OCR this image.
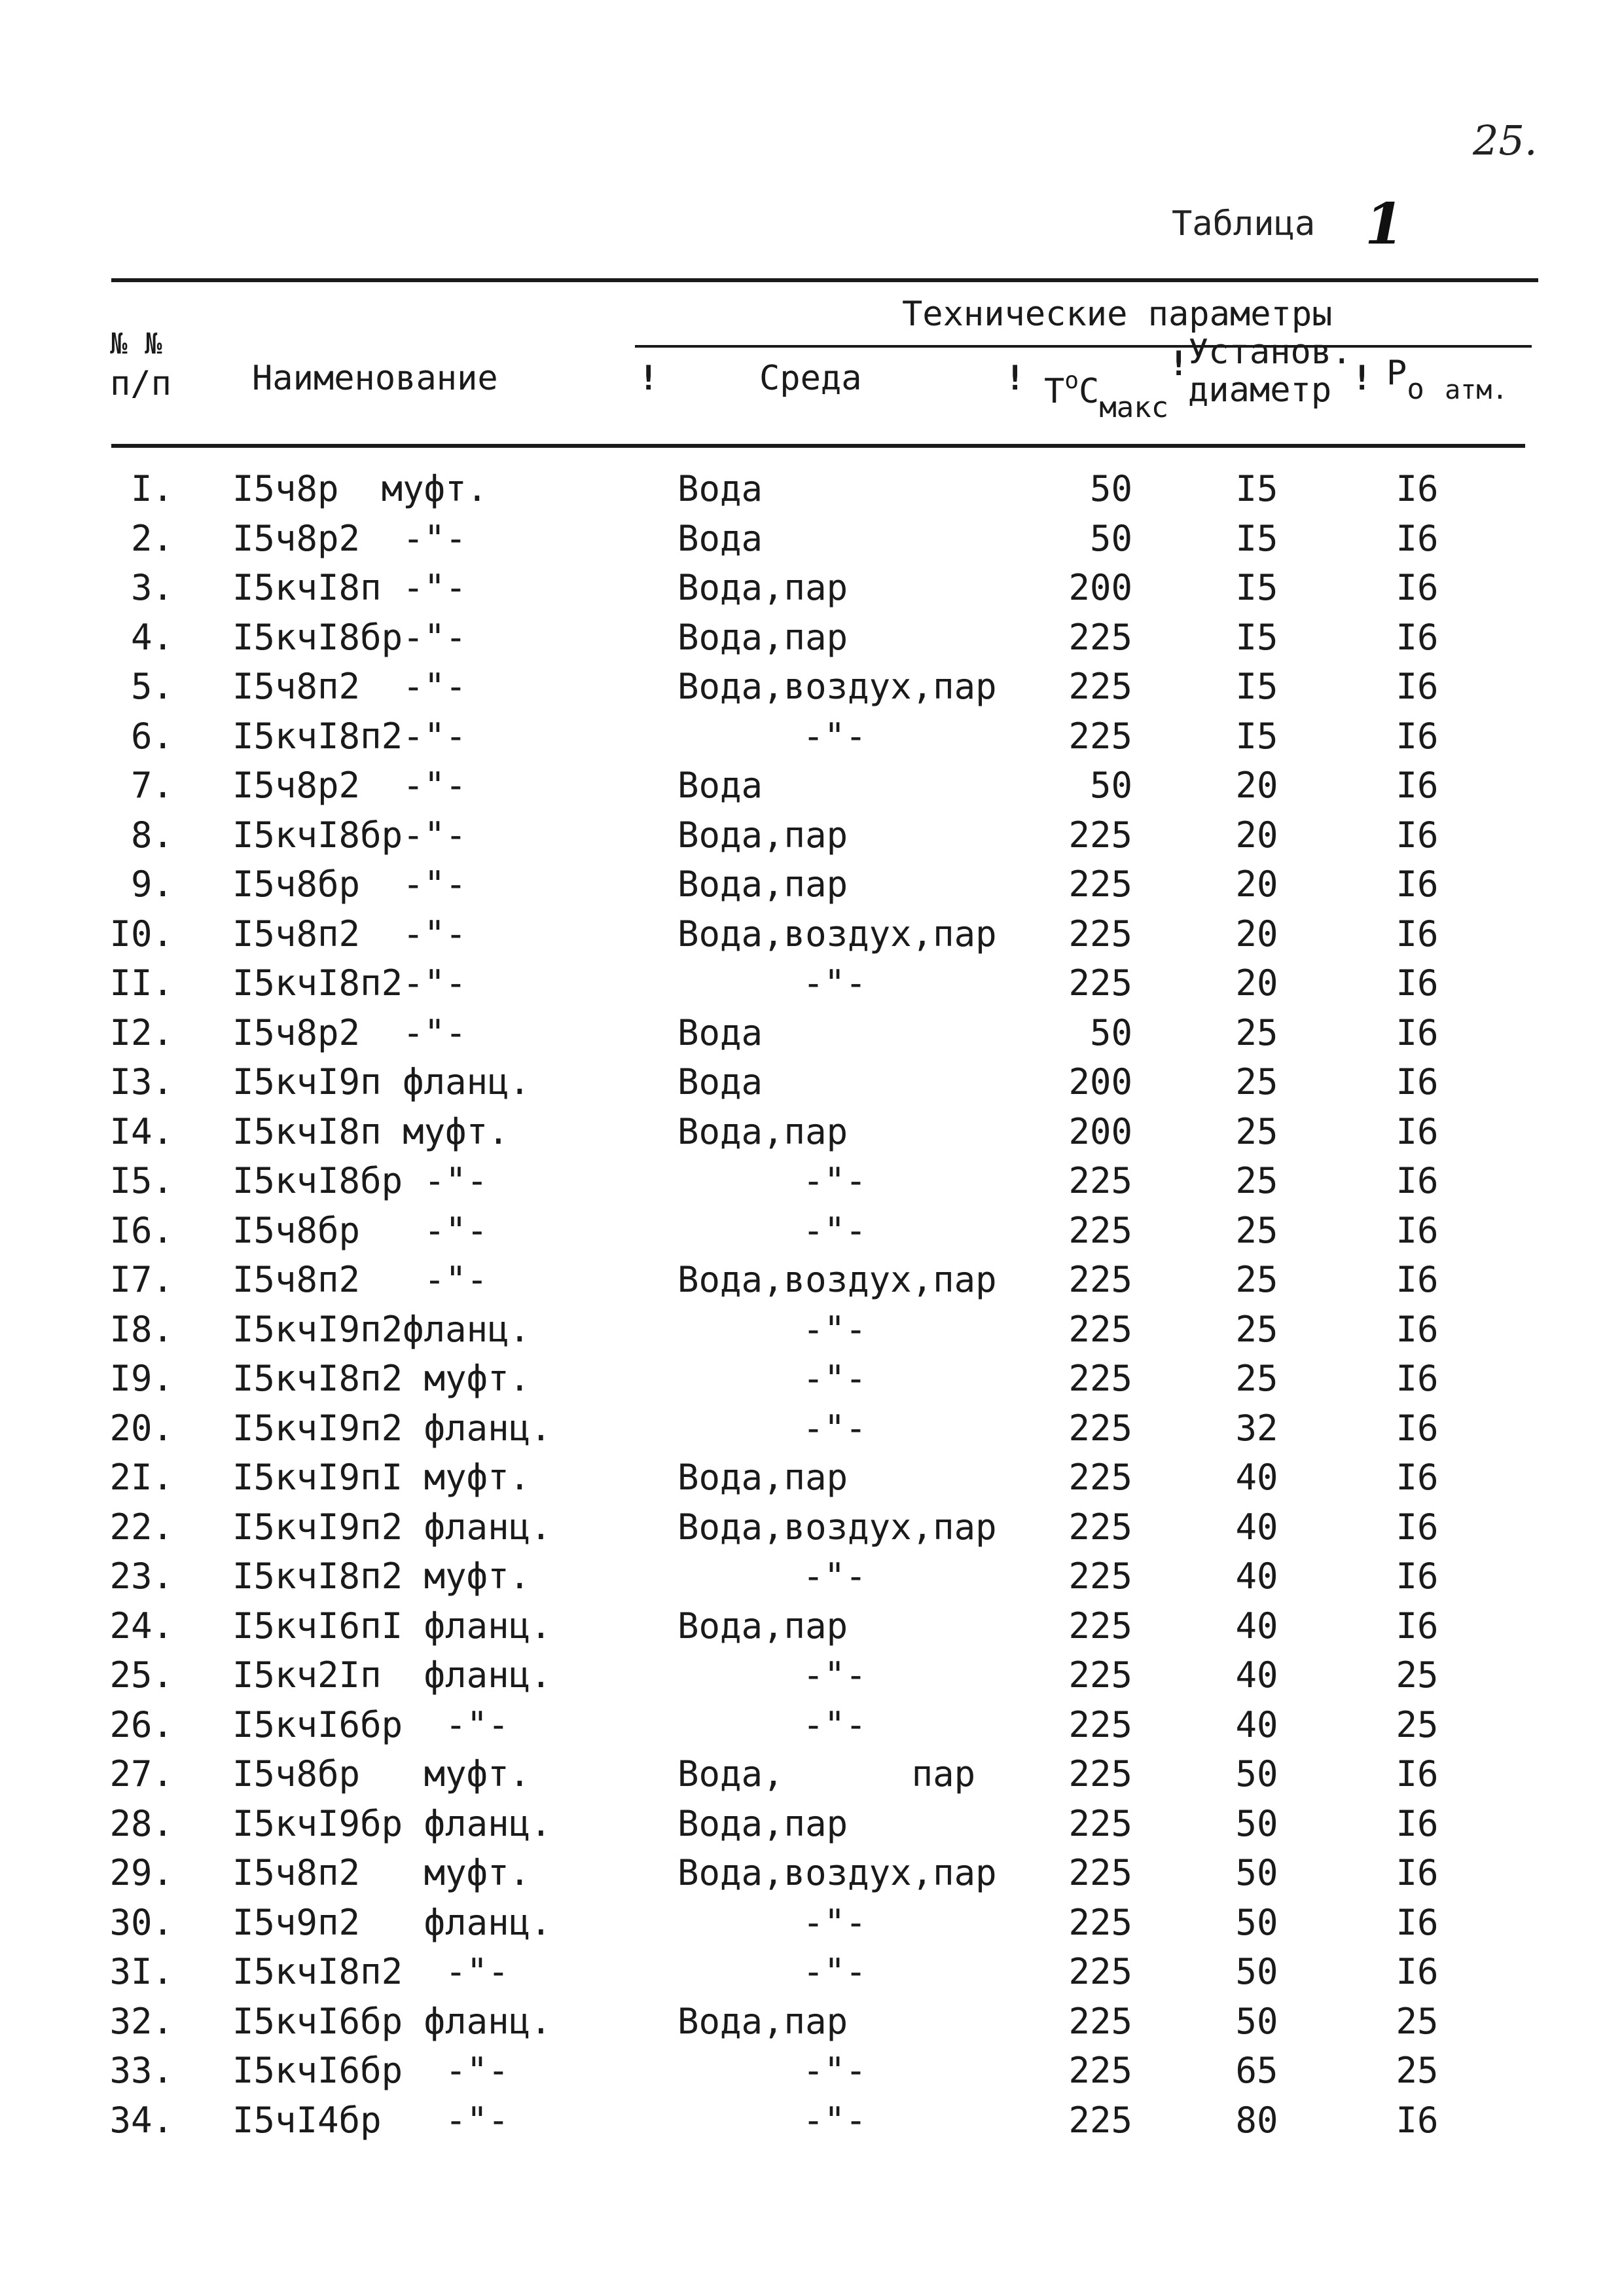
25.
Таблица 1
№ №
п/п Наименование
Технические параметры
!	Среда	! $T^oC_{макс}$
!
Установ.
диаметр ! $P_o$ $_{атм.}$
I. I5ч8р  муфт.	Вода	50	I5	I6
2. I5ч8р2  -"-	Вода	50	I5	I6
3. I5кчI8п -"-	Вода,пар	200	I5	I6
4. I5кчI8бр-"-	Вода,пар	225	I5	I6
5. I5ч8п2  -"-	Вода,воздух,пар	225	I5	I6
6. I5кчI8п2-"-	-"-	225	I5	I6
7. I5ч8р2  -"-	Вода	50	20	I6
8. I5кчI8бр-"-	Вода,пар	225	20	I6
9. I5ч8бр  -"-	Вода,пар	225	20	I6
I0. I5ч8п2  -"-	Вода,воздух,пар	225	20	I6
II. I5кчI8п2-"-	-"-	225	20	I6
I2. I5ч8р2  -"-	Вода	50	25	I6
I3. I5кчI9п фланц.	Вода	200	25	I6
I4. I5кчI8п муфт.	Вода,пар	200	25	I6
I5. I5кчI8бр -"-	-"-	225	25	I6
I6. I5ч8бр   -"-	-"-	225	25	I6
I7. I5ч8п2   -"-	Вода,воздух,пар	225	25	I6
I8. I5кчI9п2фланц.	-"-	225	25	I6
I9. I5кчI8п2 муфт.	-"-	225	25	I6
20. I5кчI9п2 фланц.	-"-	225	32	I6
2I. I5кчI9пI муфт.	Вода,пар	225	40	I6
22. I5кчI9п2 фланц.	Вода,воздух,пар	225	40	I6
23. I5кчI8п2 муфт.	-"-	225	40	I6
24. I5кчI6пI фланц.	Вода,пар	225	40	I6
25. I5кч2Iп  фланц.	-"-	225	40	25
26. I5кчI6бр  -"-	-"-	225	40	25
27. I5ч8бр   муфт.	Вода,      пар	225	50	I6
28. I5кчI9бр фланц.	Вода,пар	225	50	I6
29. I5ч8п2   муфт.	Вода,воздух,пар	225	50	I6
30. I5ч9п2   фланц.	-"-	225	50	I6
3I. I5кчI8п2  -"-	-"-	225	50	I6
32. I5кчI6бр фланц.	Вода,пар	225	50	25
33. I5кчI6бр  -"-	-"-	225	65	25
34. I5чI4бр   -"-	-"-	225	80	I6
